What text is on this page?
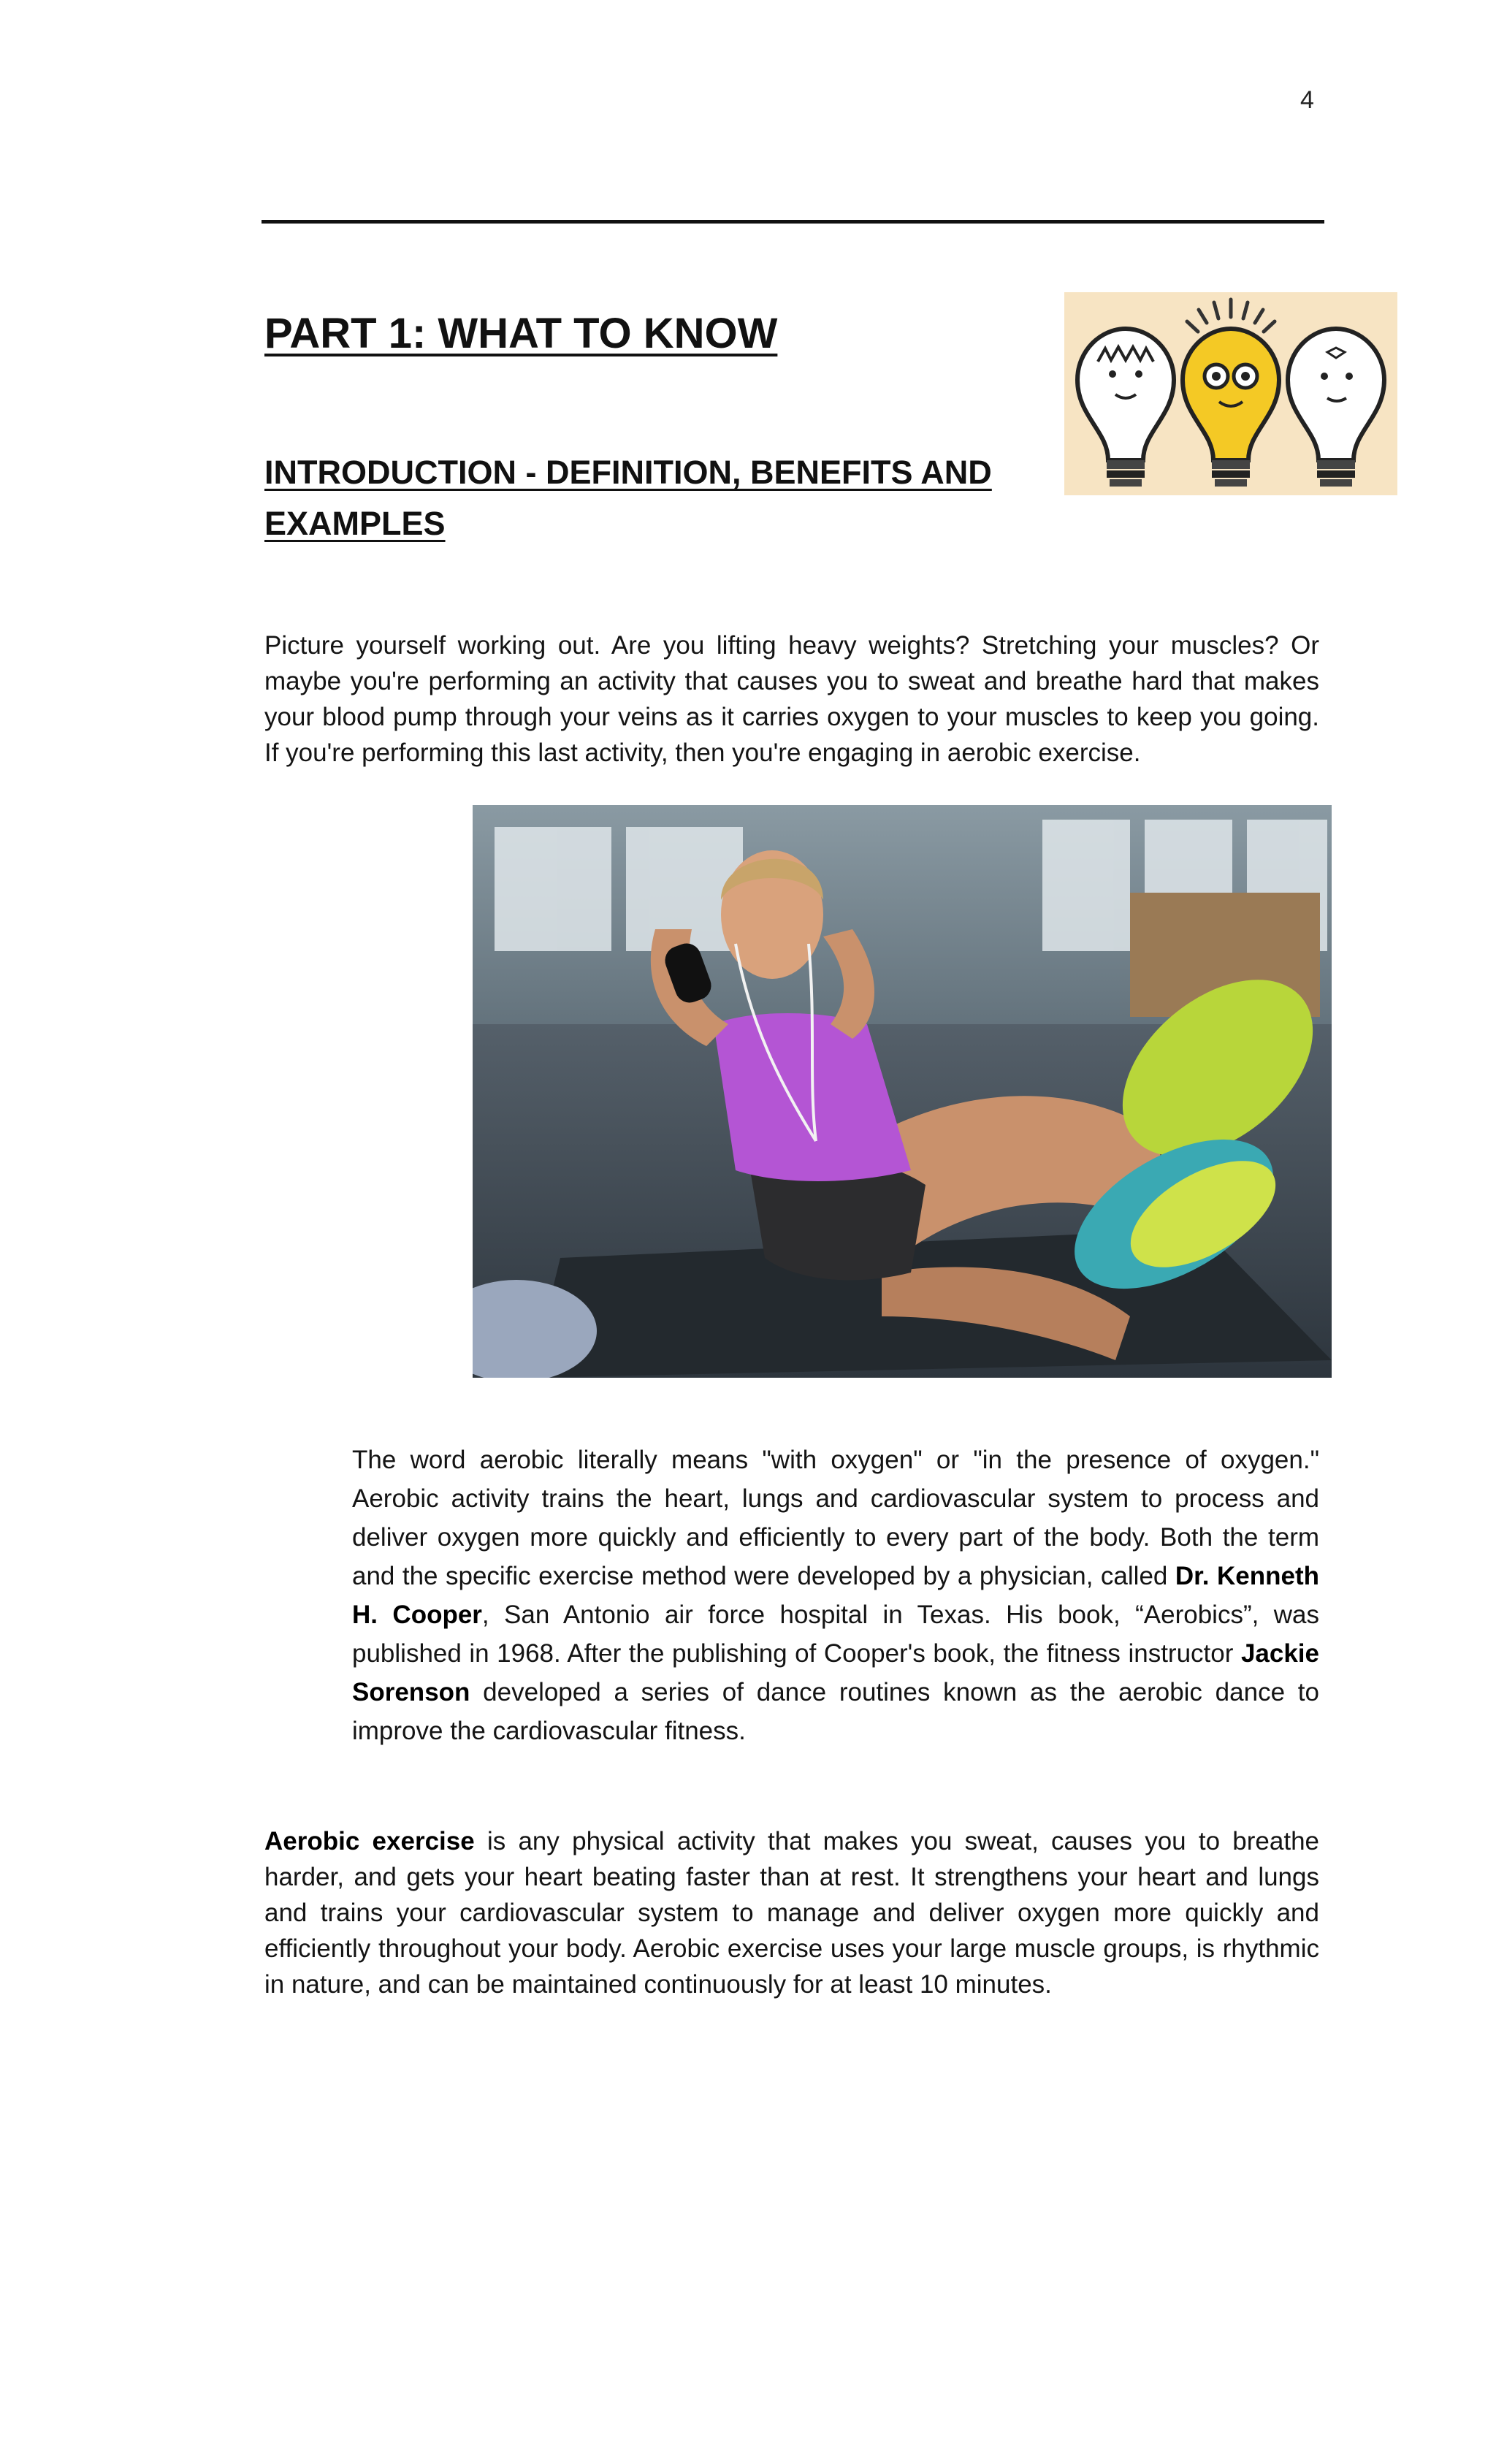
4
PART 1: WHAT TO KNOW
INTRODUCTION - DEFINITION, BENEFITS AND EXAMPLES

Picture yourself working out. Are you lifting heavy weights? Stretching your muscles? Or maybe you're performing an activity that causes you to sweat and breathe hard that makes your blood pump through your veins as it carries oxygen to your muscles to keep you going. If you're performing this last activity, then you're engaging in aerobic exercise.

The word aerobic literally means "with oxygen" or "in the presence of oxygen." Aerobic activity trains the heart, lungs and cardiovascular system to process and deliver oxygen more quickly and efficiently to every part of the body. Both the term and the specific exercise method were developed by a physician, called Dr. Kenneth H. Cooper, San Antonio air force hospital in Texas. His book, “Aerobics”, was published in 1968. After the publishing of Cooper's book, the fitness instructor Jackie Sorenson developed a series of dance routines known as the aerobic dance to improve the cardiovascular fitness.

Aerobic exercise is any physical activity that makes you sweat, causes you to breathe harder, and gets your heart beating faster than at rest. It strengthens your heart and lungs and trains your cardiovascular system to manage and deliver oxygen more quickly and efficiently throughout your body. Aerobic exercise uses your large muscle groups, is rhythmic in nature, and can be maintained continuously for at least 10 minutes.
